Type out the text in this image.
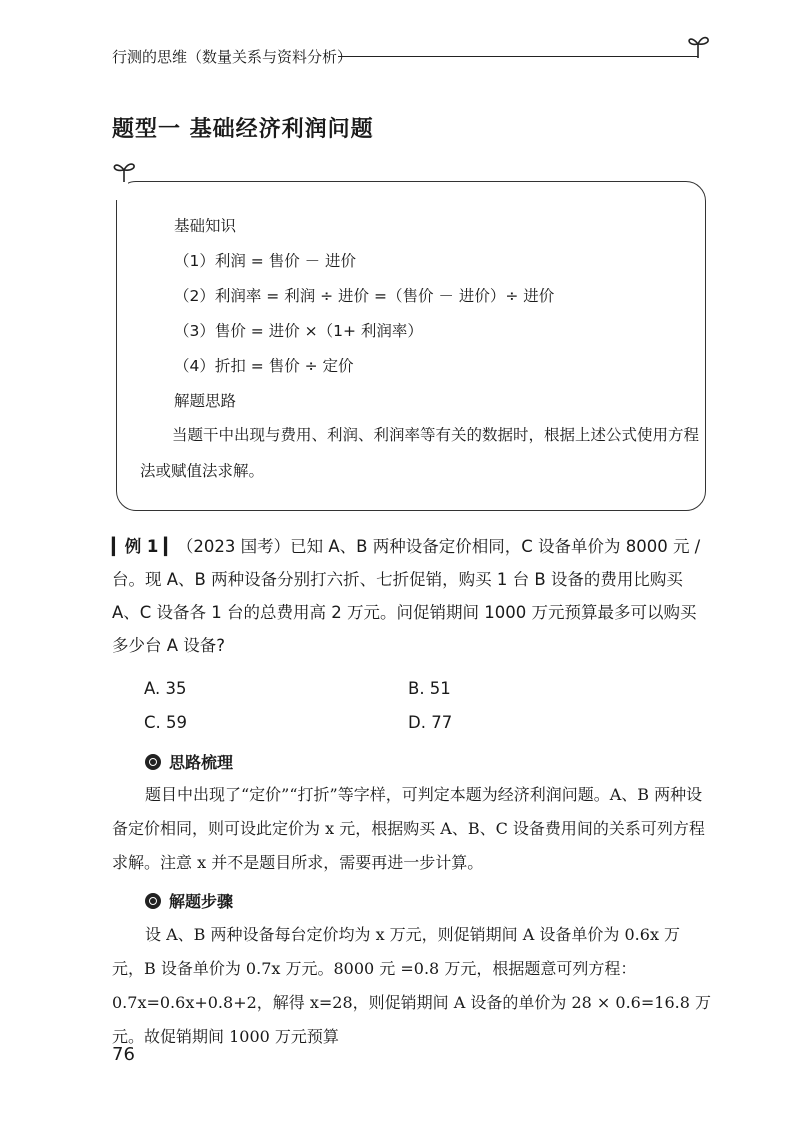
行测的思维（数量关系与资料分析）
题型一 基础经济利润问题
基础知识
（1）利润 = 售价 － 进价
（2）利润率 = 利润 ÷ 进价 =（售价 － 进价）÷ 进价
（3）售价 = 进价 ×（1+ 利润率）
（4）折扣 = 售价 ÷ 定价
解题思路
当题干中出现与费用、利润、利润率等有关的数据时，根据上述公式使用方程法或赋值法求解。
▎例 1 ▎（2023 国考）已知 A、B 两种设备定价相同，C 设备单价为 8000 元 / 台。现 A、B 两种设备分别打六折、七折促销，购买 1 台 B 设备的费用比购买 A、C 设备各 1 台的总费用高 2 万元。问促销期间 1000 万元预算最多可以购买多少台 A 设备?
A. 35	B. 51
C. 59	D. 77
思路梳理
题目中出现了“定价”“打折”等字样，可判定本题为经济利润问题。A、B 两种设备定价相同，则可设此定价为 x 元，根据购买 A、B、C 设备费用间的关系可列方程求解。注意 x 并不是题目所求，需要再进一步计算。
解题步骤
设 A、B 两种设备每台定价均为 x 万元，则促销期间 A 设备单价为 0.6x 万元，B 设备单价为 0.7x 万元。8000 元 =0.8 万元，根据题意可列方程：0.7x=0.6x+0.8+2，解得 x=28，则促销期间 A 设备的单价为 28 × 0.6=16.8 万元。故促销期间 1000 万元预算
76
